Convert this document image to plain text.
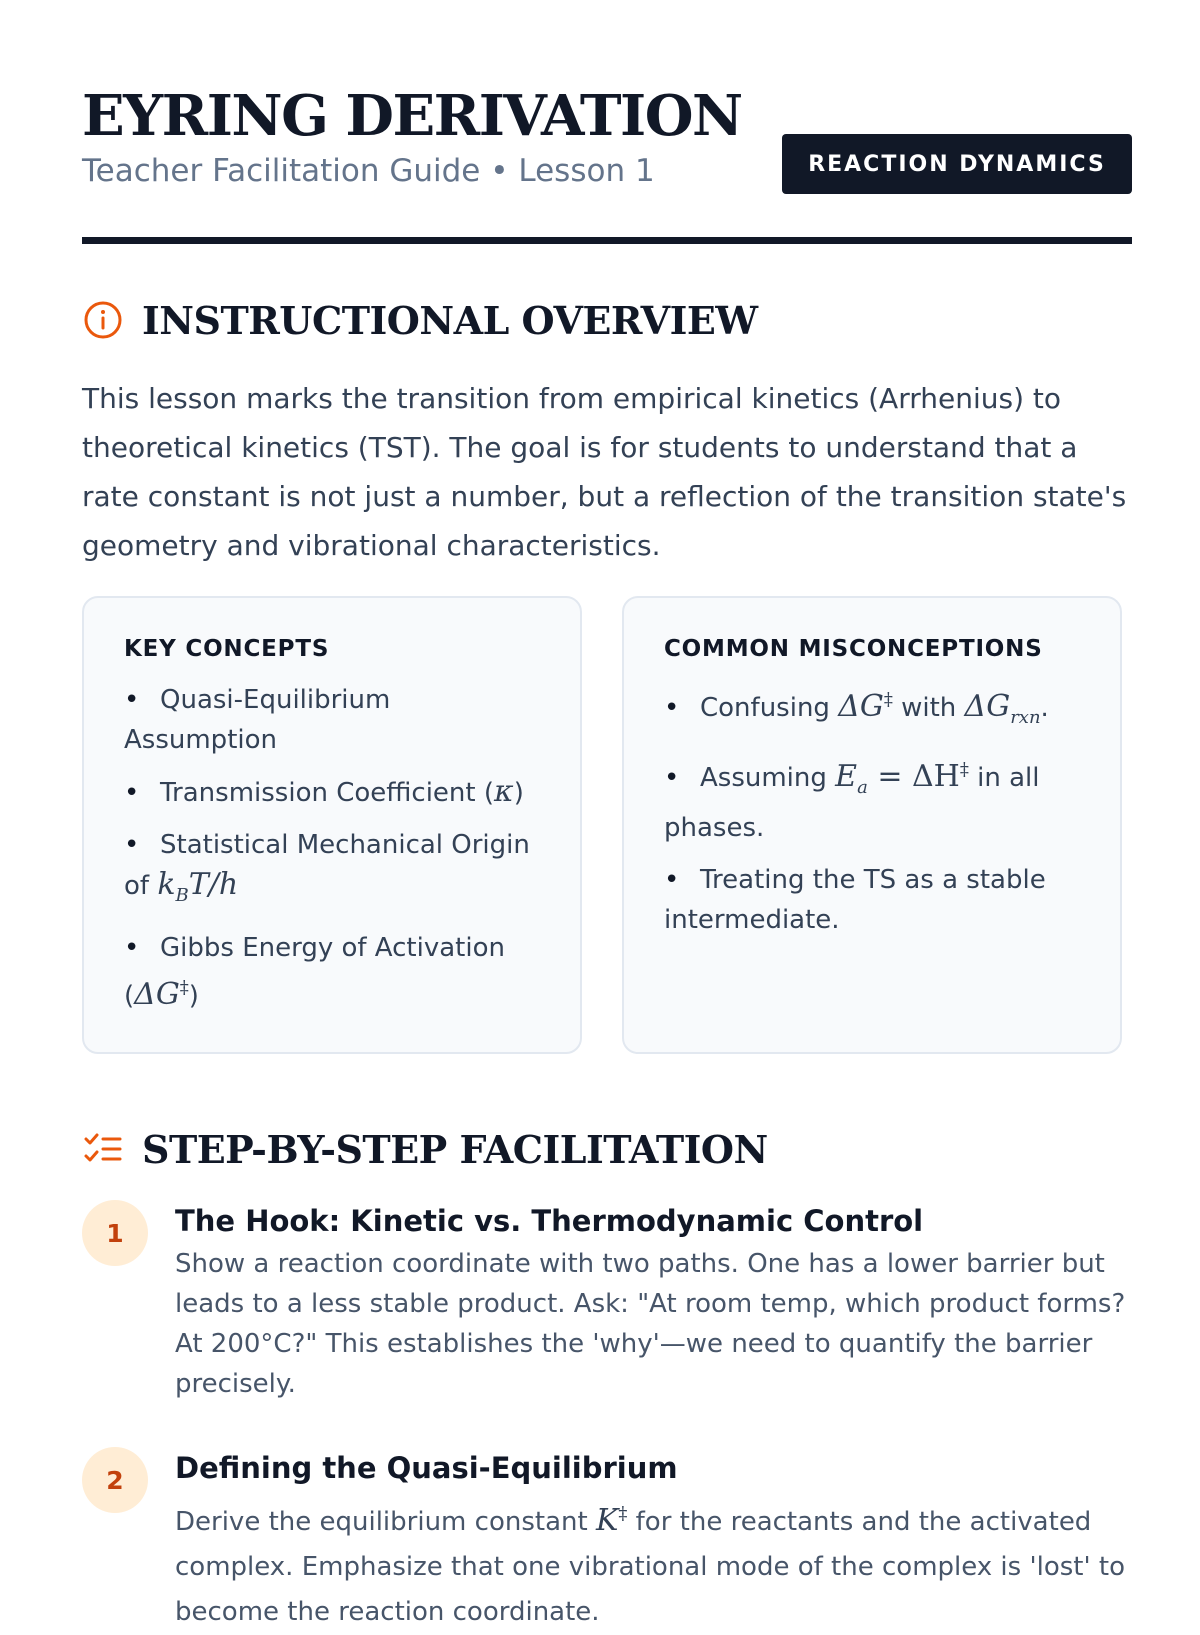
EYRING DERIVATION
Teacher Facilitation Guide • Lesson 1	REACTION DYNAMICS
INSTRUCTIONAL OVERVIEW

This lesson marks the transition from empirical kinetics (Arrhenius) to theoretical kinetics (TST). The goal is for students to understand that a rate constant is not just a number, but a reflection of the transition state's geometry and vibrational characteristics.

KEY CONCEPTS
• Quasi-Equilibrium Assumption
• Transmission Coefficient (κ)
• Statistical Mechanical Origin of $k_BT/h$
• Gibbs Energy of Activation (ΔG‡)
COMMON MISCONCEPTIONS
• Confusing ΔG‡ with $\Delta G_{rxn}$.
• Assuming $E_a = \Delta H^\ddagger$ in all phases.
• Treating the TS as a stable intermediate.
STEP-BY-STEP FACILITATION
1	The Hook: Kinetic vs. Thermodynamic Control

Show a reaction coordinate with two paths. One has a lower barrier but leads to a less stable product. Ask: "At room temp, which product forms? At 200°C?" This establishes the 'why'—we need to quantify the barrier precisely.

2	Defining the Quasi-Equilibrium

Derive the equilibrium constant K‡ for the reactants and the activated complex. Emphasize that one vibrational mode of the complex is 'lost' to become the reaction coordinate.
